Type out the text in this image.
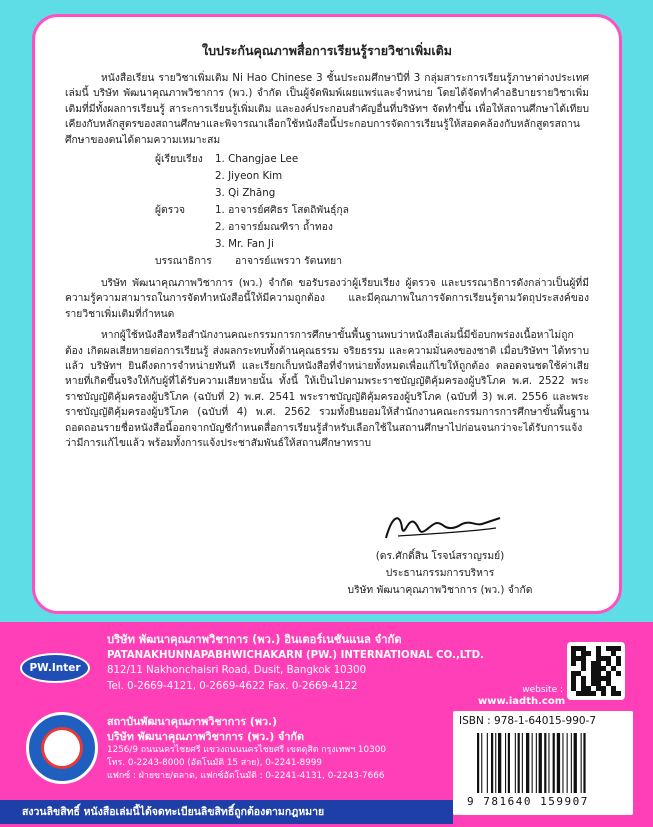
ใบประกันคุณภาพสื่อการเรียนรู้รายวิชาเพิ่มเติม

หนังสือเรียน รายวิชาเพิ่มเติม Ni Hao Chinese 3 ชั้นประถมศึกษาปีที่ 3 กลุ่มสาระการเรียนรู้ภาษาต่างประเทศ เล่มนี้ บริษัท พัฒนาคุณภาพวิชาการ (พว.) จำกัด เป็นผู้จัดพิมพ์เผยแพร่และจำหน่าย โดยได้จัดทำคำอธิบายรายวิชาเพิ่มเติมที่มีทั้งผลการเรียนรู้ สาระการเรียนรู้เพิ่มเติม และองค์ประกอบสำคัญอื่นที่บริษัทฯ จัดทำขึ้น เพื่อให้สถานศึกษาได้เทียบเคียงกับหลักสูตรของสถานศึกษาและพิจารณาเลือกใช้หนังสือนี้ประกอบการจัดการเรียนรู้ให้สอดคล้องกับหลักสูตรสถานศึกษาของตนได้ตามความเหมาะสม

ผู้เรียบเรียง	1. Changjae Lee
2. Jiyeon Kim
3. Qi Zhāng
ผู้ตรวจ	1. อาจารย์ศศิธร โสตถิพันธุ์กุล
2. อาจารย์มณฑิรา ถ้ำทอง
3. Mr. Fan Ji
บรรณาธิการ	อาจารย์แพรวา รัตนทยา

บริษัท พัฒนาคุณภาพวิชาการ (พว.) จำกัด ขอรับรองว่าผู้เรียบเรียง ผู้ตรวจ และบรรณาธิการดังกล่าวเป็นผู้ที่มีความรู้ความสามารถในการจัดทำหนังสือนี้ให้มีความถูกต้อง และมีคุณภาพในการจัดการเรียนรู้ตามวัตถุประสงค์ของรายวิชาเพิ่มเติมที่กำหนด

หากผู้ใช้หนังสือหรือสำนักงานคณะกรรมการการศึกษาขั้นพื้นฐานพบว่าหนังสือเล่มนี้มีข้อบกพร่องเนื้อหาไม่ถูกต้อง เกิดผลเสียหายต่อการเรียนรู้ ส่งผลกระทบทั้งด้านคุณธรรม จริยธรรม และความมั่นคงของชาติ เมื่อบริษัทฯ ได้ทราบแล้ว บริษัทฯ ยินดีงดการจำหน่ายทันที และเรียกเก็บหนังสือที่จำหน่ายทั้งหมดเพื่อแก้ไขให้ถูกต้อง ตลอดจนชดใช้ค่าเสียหายที่เกิดขึ้นจริงให้กับผู้ที่ได้รับความเสียหายนั้น ทั้งนี้ ให้เป็นไปตามพระราชบัญญัติคุ้มครองผู้บริโภค พ.ศ. 2522 พระราชบัญญัติคุ้มครองผู้บริโภค (ฉบับที่ 2) พ.ศ. 2541 พระราชบัญญัติคุ้มครองผู้บริโภค (ฉบับที่ 3) พ.ศ. 2556 และพระราชบัญญัติคุ้มครองผู้บริโภค (ฉบับที่ 4) พ.ศ. 2562 รวมทั้งยินยอมให้สำนักงานคณะกรรมการการศึกษาขั้นพื้นฐานถอดถอนรายชื่อหนังสือนี้ออกจากบัญชีกำหนดสื่อการเรียนรู้สำหรับเลือกใช้ในสถานศึกษาไปก่อนจนกว่าจะได้รับการแจ้งว่ามีการแก้ไขแล้ว พร้อมทั้งการแจ้งประชาสัมพันธ์ให้สถานศึกษาทราบ

(ดร.ศักดิ์สิน โรจน์สราญรมย์)
ประธานกรรมการบริหาร
บริษัท พัฒนาคุณภาพวิชาการ (พว.) จำกัด
PW.Inter
บริษัท พัฒนาคุณภาพวิชาการ (พว.) อินเตอร์เนชันแนล จำกัด
PATANAKHUNNAPABHWICHAKARN (PW.) INTERNATIONAL CO.,LTD.
812/11 Nakhonchaisri Road, Dusit, Bangkok 10300
Tel. 0-2669-4121, 0-2669-4622 Fax. 0-2669-4122	website :
www.iadth.com
สถาบันพัฒนาคุณภาพวิชาการ (พว.)
บริษัท พัฒนาคุณภาพวิชาการ (พว.) จำกัด
1256/9 ถนนนครไชยศรี แขวงถนนนครไชยศรี เขตดุสิต กรุงเทพฯ 10300
โทร. 0-2243-8000 (อัตโนมัติ 15 สาย), 0-2241-8999
แฟกซ์ : ฝ่ายขาย/ตลาด, แฟกซ์อัตโนมัติ : 0-2241-4131, 0-2243-7666
ISBN : 978-1-64015-990-7
9 781640 159907
สงวนลิขสิทธิ์ หนังสือเล่มนี้ได้จดทะเบียนลิขสิทธิ์ถูกต้องตามกฎหมาย
